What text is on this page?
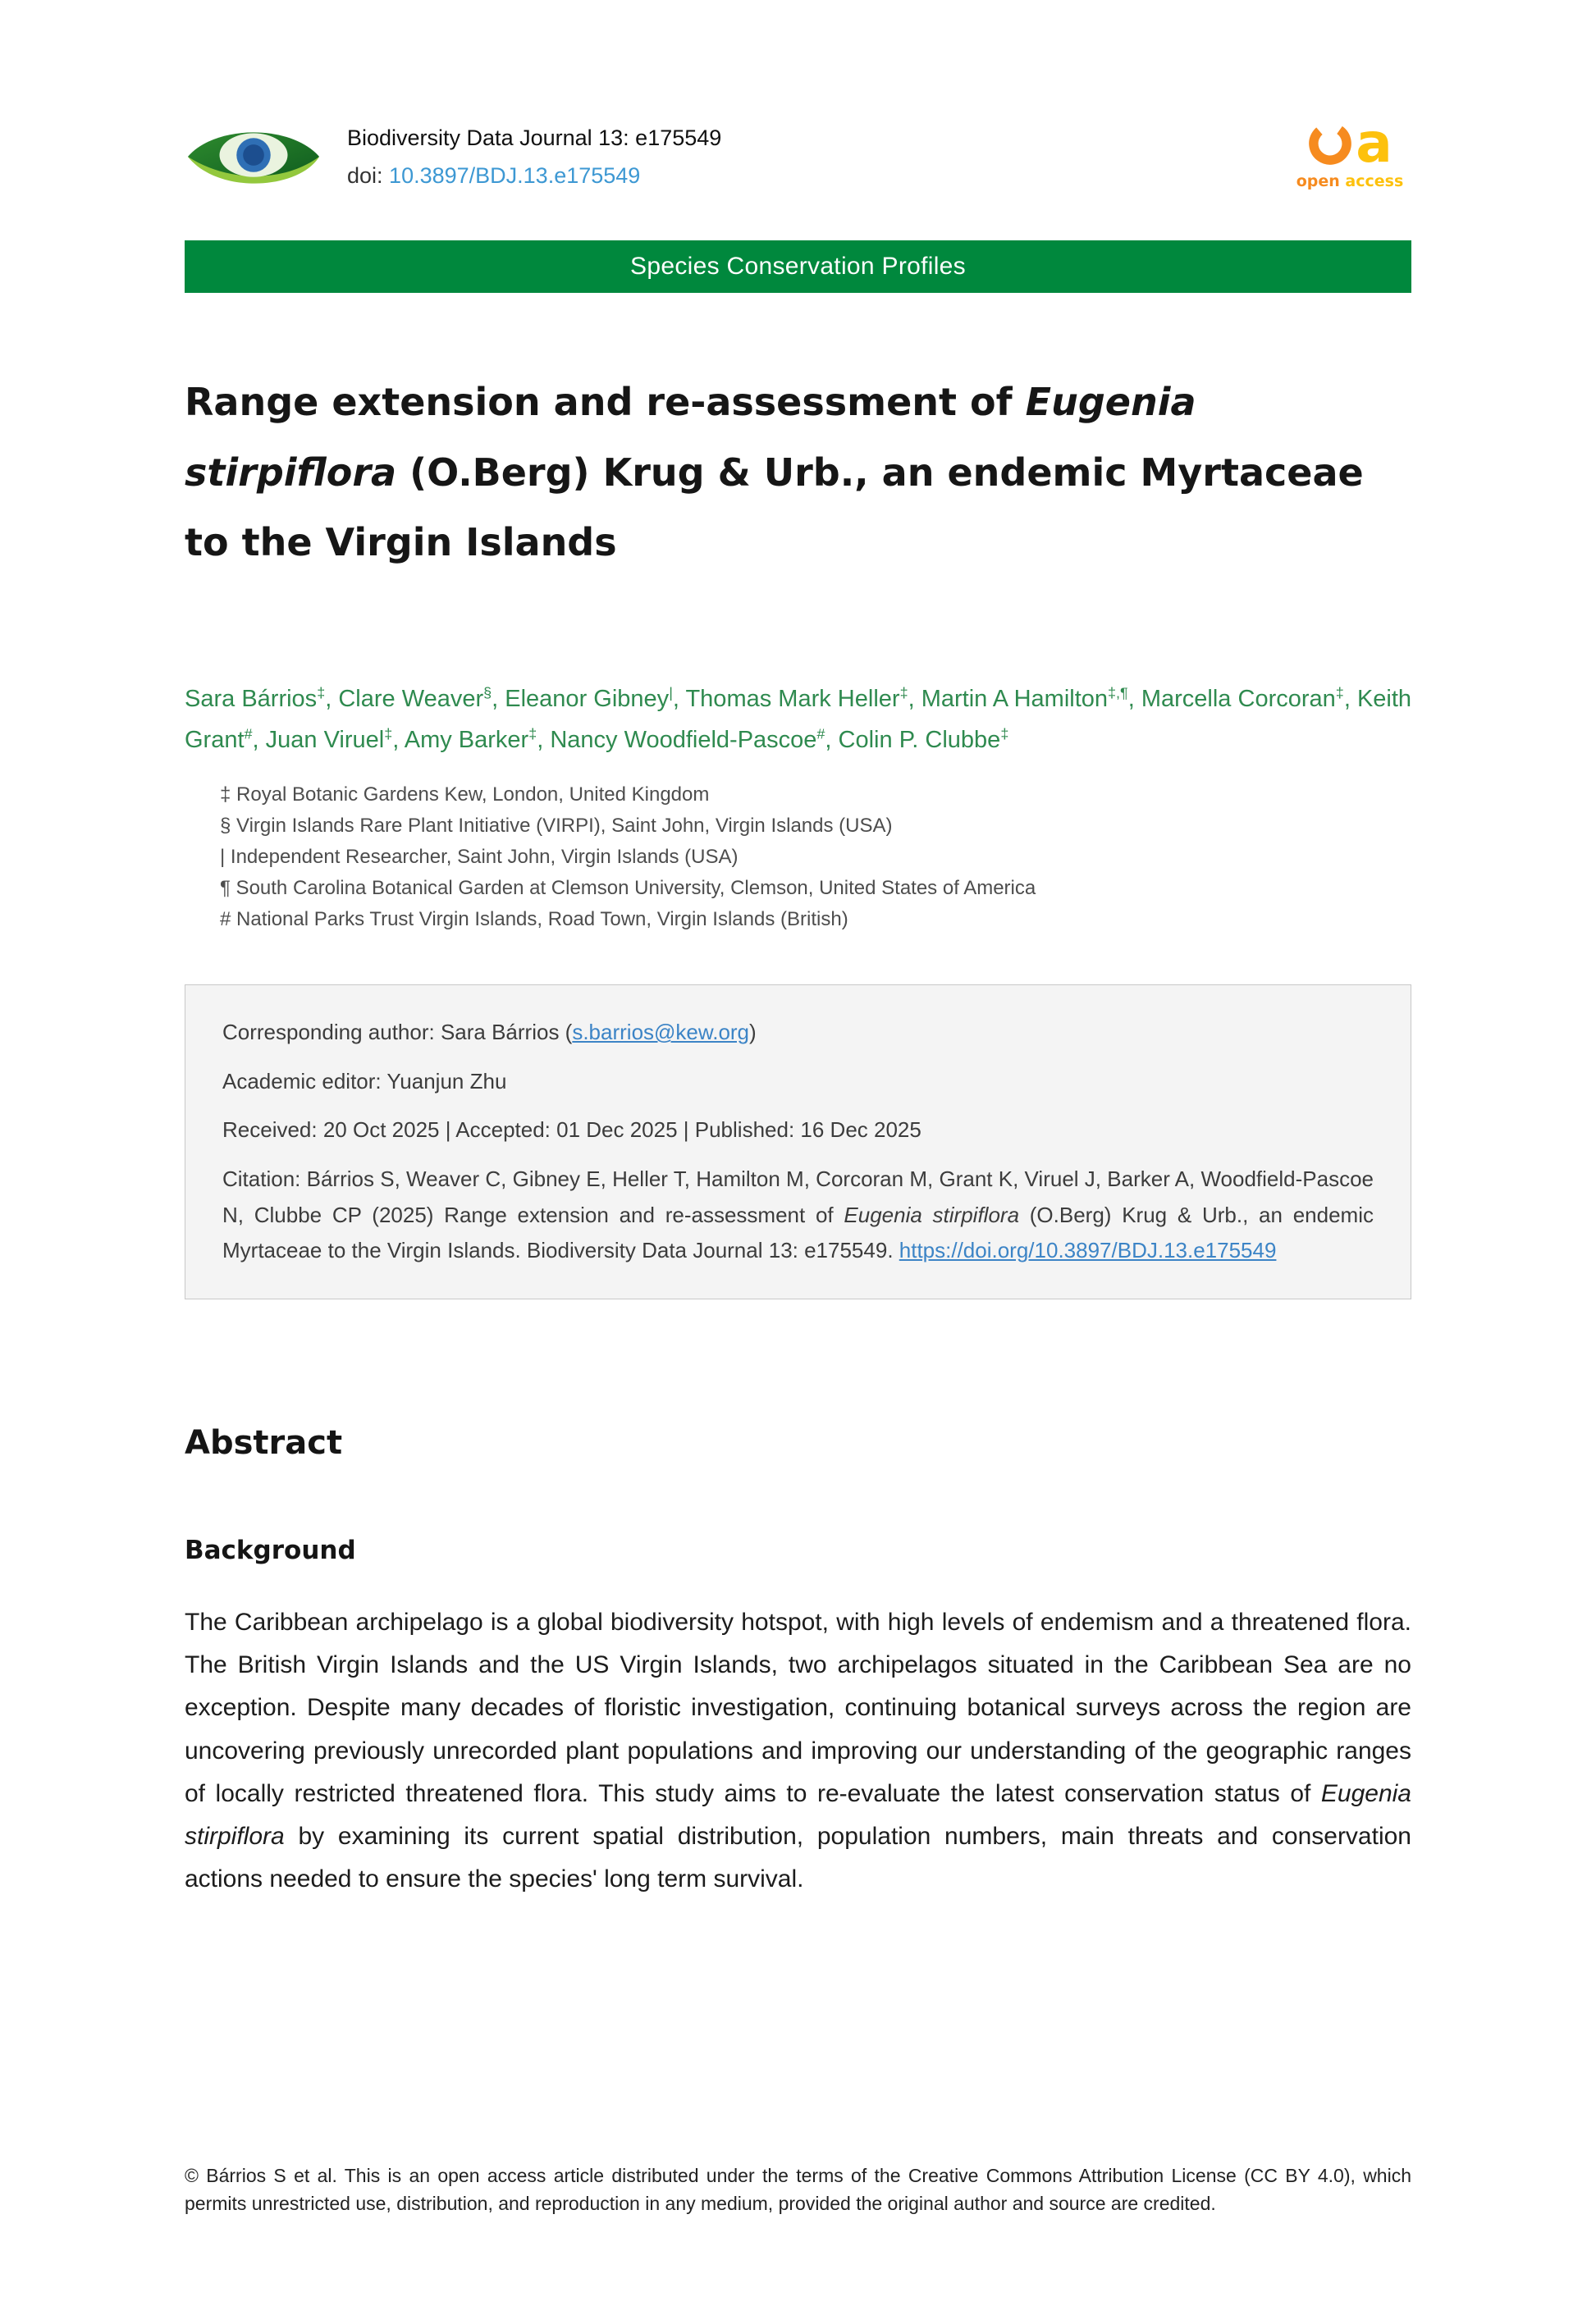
Biodiversity Data Journal 13: e175549
doi: 10.3897/BDJ.13.e175549
a
open access
Species Conservation Profiles
Range extension and re-assessment of Eugenia stirpiflora (O.Berg) Krug & Urb., an endemic Myrtaceae to the Virgin Islands
Sara Bárrios‡, Clare Weaver§, Eleanor Gibney|, Thomas Mark Heller‡, Martin A Hamilton‡,¶, Marcella Corcoran‡, Keith Grant#, Juan Viruel‡, Amy Barker‡, Nancy Woodfield-Pascoe#, Colin P. Clubbe‡
‡ Royal Botanic Gardens Kew, London, United Kingdom
§ Virgin Islands Rare Plant Initiative (VIRPI), Saint John, Virgin Islands (USA)
| Independent Researcher, Saint John, Virgin Islands (USA)
¶ South Carolina Botanical Garden at Clemson University, Clemson, United States of America
# National Parks Trust Virgin Islands, Road Town, Virgin Islands (British)

Corresponding author: Sara Bárrios (s.barrios@kew.org)

Academic editor: Yuanjun Zhu

Received: 20 Oct 2025 | Accepted: 01 Dec 2025 | Published: 16 Dec 2025

Citation: Bárrios S, Weaver C, Gibney E, Heller T, Hamilton M, Corcoran M, Grant K, Viruel J, Barker A, Woodfield-Pascoe N, Clubbe CP (2025) Range extension and re-assessment of Eugenia stirpiflora (O.Berg) Krug & Urb., an endemic Myrtaceae to the Virgin Islands. Biodiversity Data Journal 13: e175549. https://doi.org/10.3897/BDJ.13.e175549

Abstract
Background

The Caribbean archipelago is a global biodiversity hotspot, with high levels of endemism and a threatened flora. The British Virgin Islands and the US Virgin Islands, two archipelagos situated in the Caribbean Sea are no exception. Despite many decades of floristic investigation, continuing botanical surveys across the region are uncovering previously unrecorded plant populations and improving our understanding of the geographic ranges of locally restricted threatened flora. This study aims to re-evaluate the latest conservation status of Eugenia stirpiflora by examining its current spatial distribution, population numbers, main threats and conservation actions needed to ensure the species' long term survival.

© Bárrios S et al. This is an open access article distributed under the terms of the Creative Commons Attribution License (CC BY 4.0), which permits unrestricted use, distribution, and reproduction in any medium, provided the original author and source are credited.
